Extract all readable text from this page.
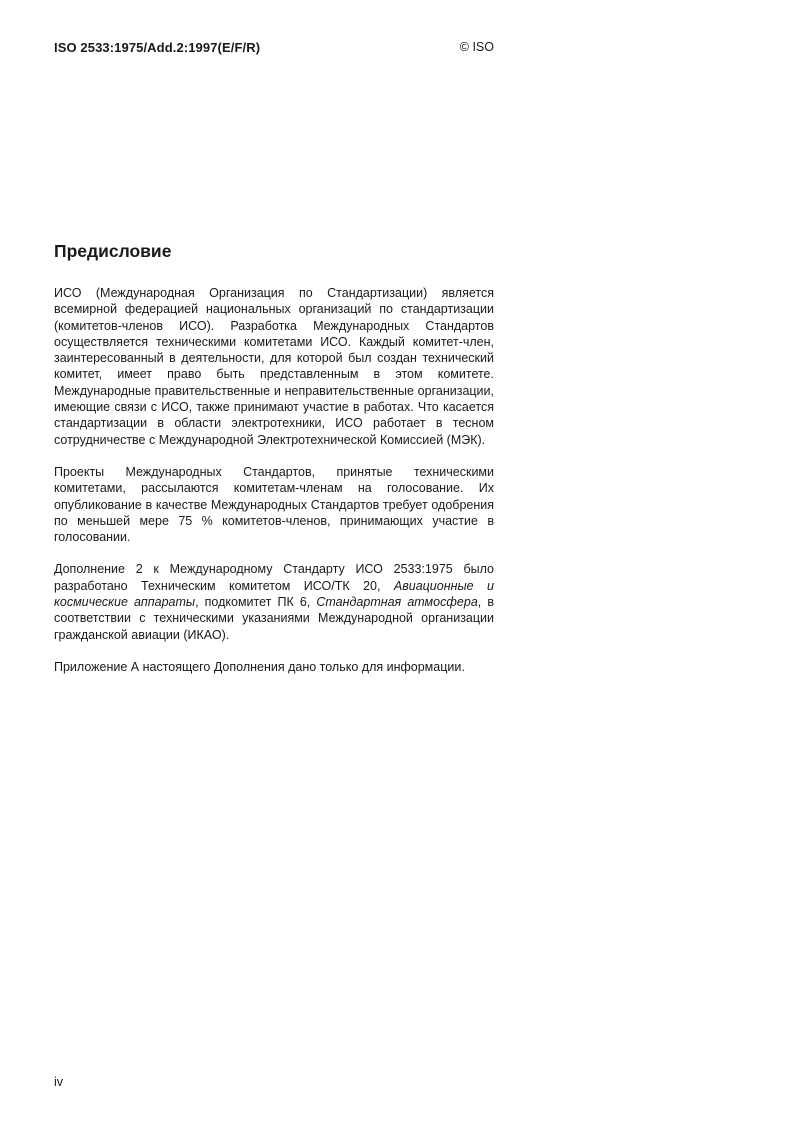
ISO 2533:1975/Add.2:1997(E/F/R)	© ISO
Предисловие

ИСО (Международная Организация по Стандартизации) является всемирной федерацией национальных организаций по стандартизации (комитетов-членов ИСО). Разработка Международных Стандартов осуществляется техническими комитетами ИСО. Каждый комитет-член, заинтересованный в деятельности, для которой был создан технический комитет, имеет право быть представленным в этом комитете. Международные правительственные и неправительственные организации, имеющие связи с ИСО, также принимают участие в работах. Что касается стандартизации в области электротехники, ИСО работает в тесном сотрудничестве с Международной Электротехнической Комиссией (МЭК).

Проекты Международных Стандартов, принятые техническими комитетами, рассылаются комитетам-членам на голосование. Их опубликование в качестве Международных Стандартов требует одобрения по меньшей мере 75 % комитетов-членов, принимающих участие в голосовании.

Дополнение 2 к Международному Стандарту ИСО 2533:1975 было разработано Техническим комитетом ИСО/ТК 20, Авиационные и космические аппараты, подкомитет ПК 6, Стандартная атмосфера, в соответствии с техническими указаниями Международной организации гражданской авиации (ИКАО).

Приложение А настоящего Дополнения дано только для информации.

iv
